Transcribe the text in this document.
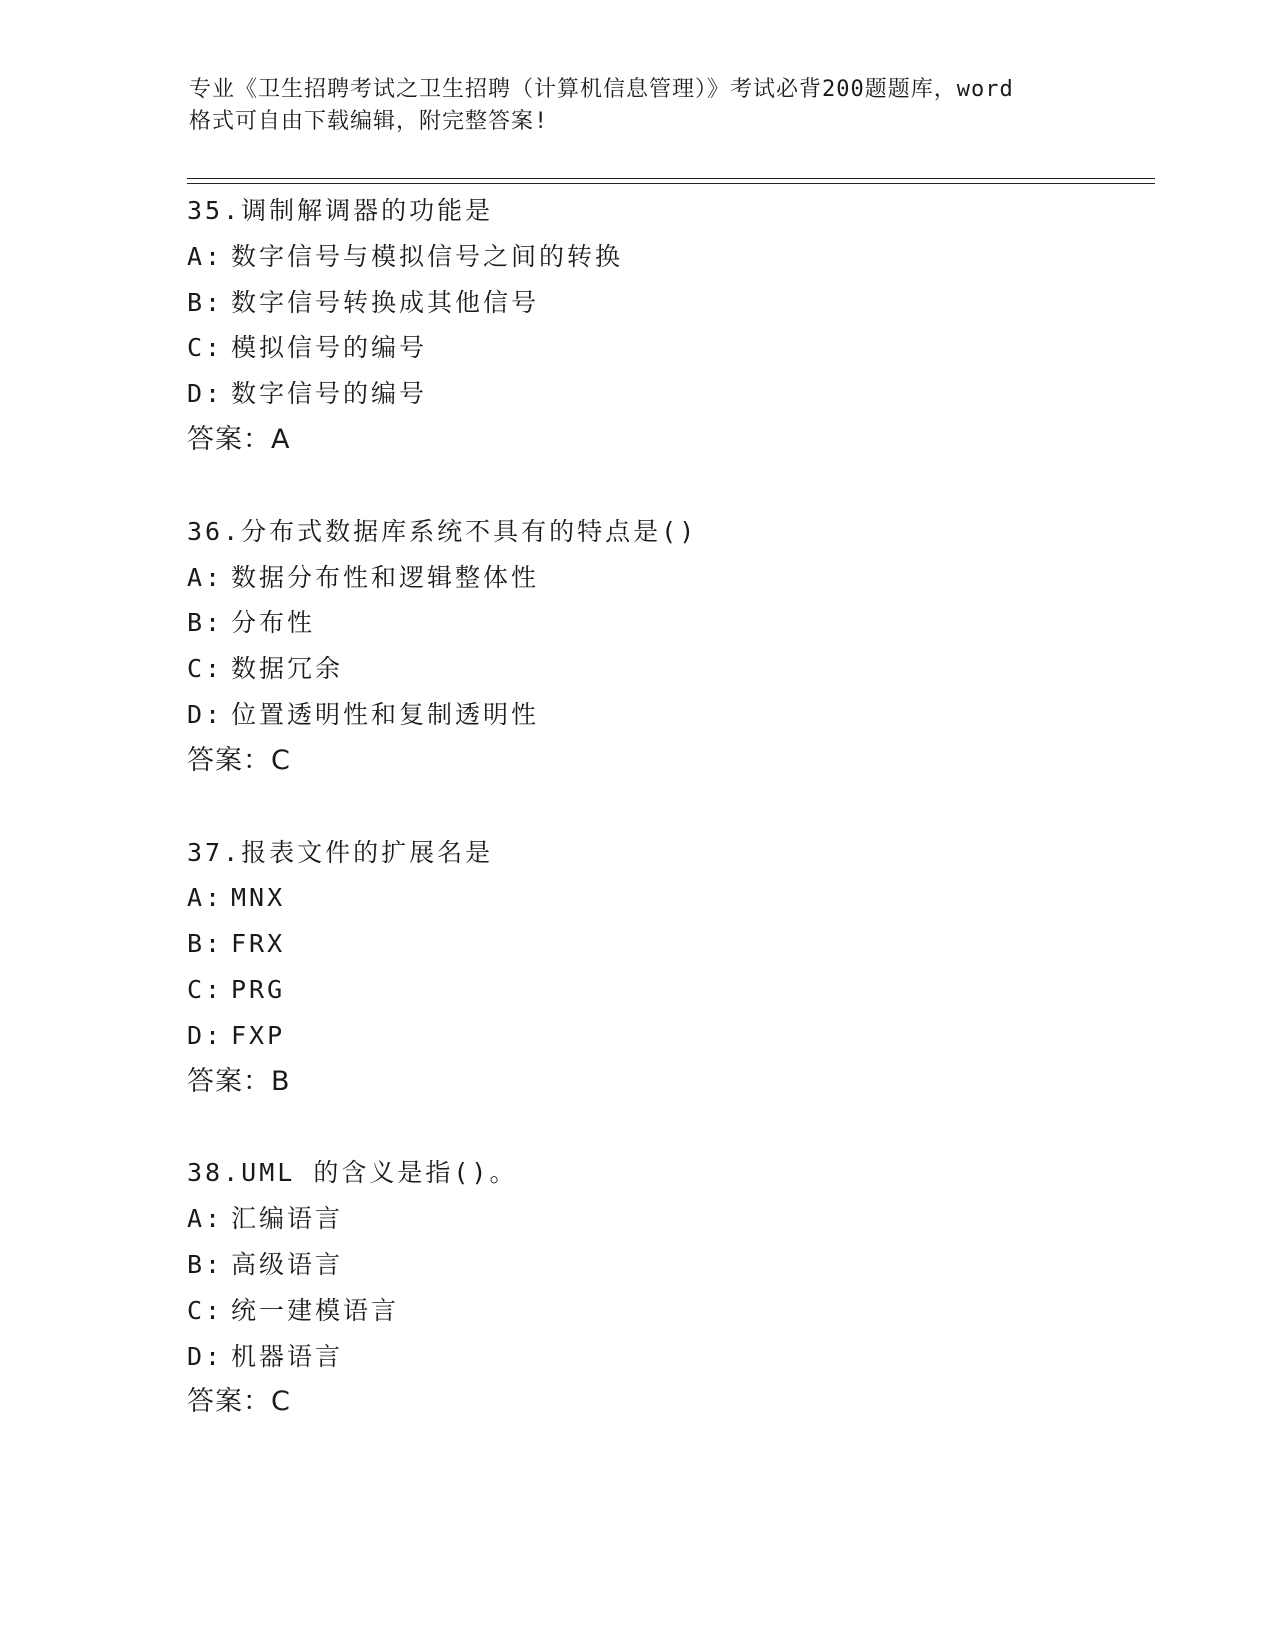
专业《卫生招聘考试之卫生招聘（计算机信息管理）》考试必背200题题库，word
格式可自由下载编辑，附完整答案!
35.调制解调器的功能是
A: 数字信号与模拟信号之间的转换
B: 数字信号转换成其他信号
C: 模拟信号的编号
D: 数字信号的编号
答案：A
36.分布式数据库系统不具有的特点是()
A: 数据分布性和逻辑整体性
B: 分布性
C: 数据冗余
D: 位置透明性和复制透明性
答案：C
37.报表文件的扩展名是
A: MNX
B: FRX
C: PRG
D: FXP
答案：B
38.UML 的含义是指()。
A: 汇编语言
B: 高级语言
C: 统一建模语言
D: 机器语言
答案：C
